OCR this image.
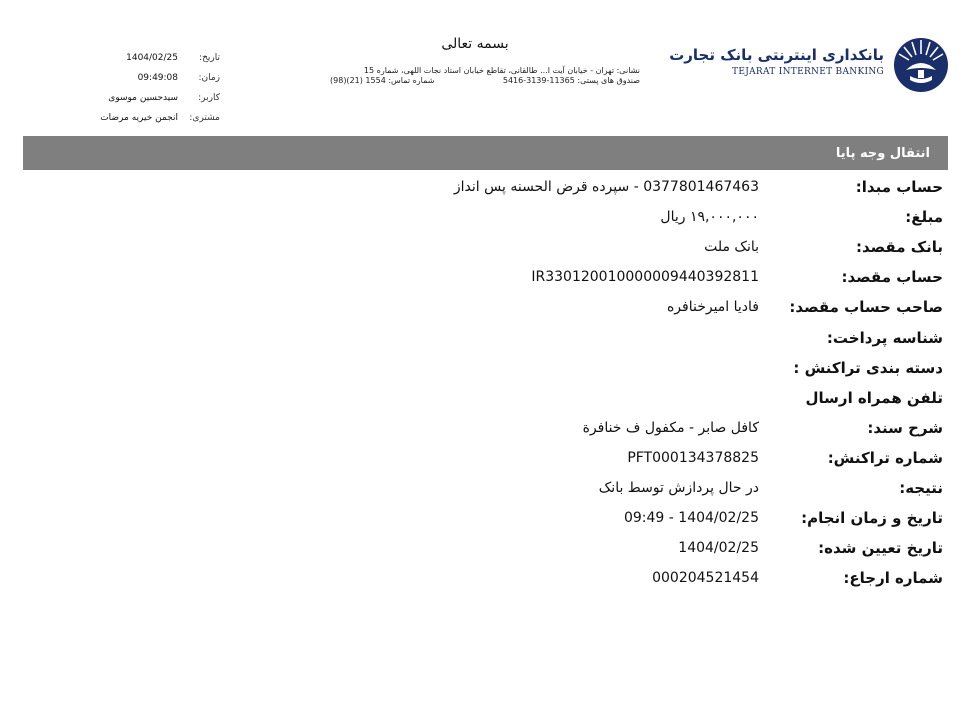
بسمه تعالی
نشانی: تهران - خیابان آیت ا... طالقانی، تقاطع خیابان استاد نجات اللهی، شماره 15
صندوق های پستی: 11365-3139-5416
شماره تماس: 1554 (21)(98)
بانکداری اینترنتی بانک تجارت
TEJARAT INTERNET BANKING
تاریخ:
1404/02/25
زمان:
09:49:08
کاربر:
سیدحسین موسوی
مشتری:
انجمن خیریه مرضات
انتقال وجه پایا
حساب مبدا:
0377801467463 - سپرده قرض الحسنه پس انداز
مبلغ:
۱۹,۰۰۰,۰۰۰ ریال
بانک مقصد:
بانک ملت
حساب مقصد:
IR330120010000009440392811
صاحب حساب مقصد:
فادیا امیرخنافره
شناسه پرداخت:
دسته بندی تراکنش :
تلفن همراه ارسال
شرح سند:
کافل صابر - مکفول ف خنافرة
شماره تراکنش:
PFT000134378825
نتیجه:
در حال پردازش توسط بانک
تاریخ و زمان انجام:
1404/02/25 - 09:49
تاریخ تعیین شده:
1404/02/25
شماره ارجاع:
000204521454
